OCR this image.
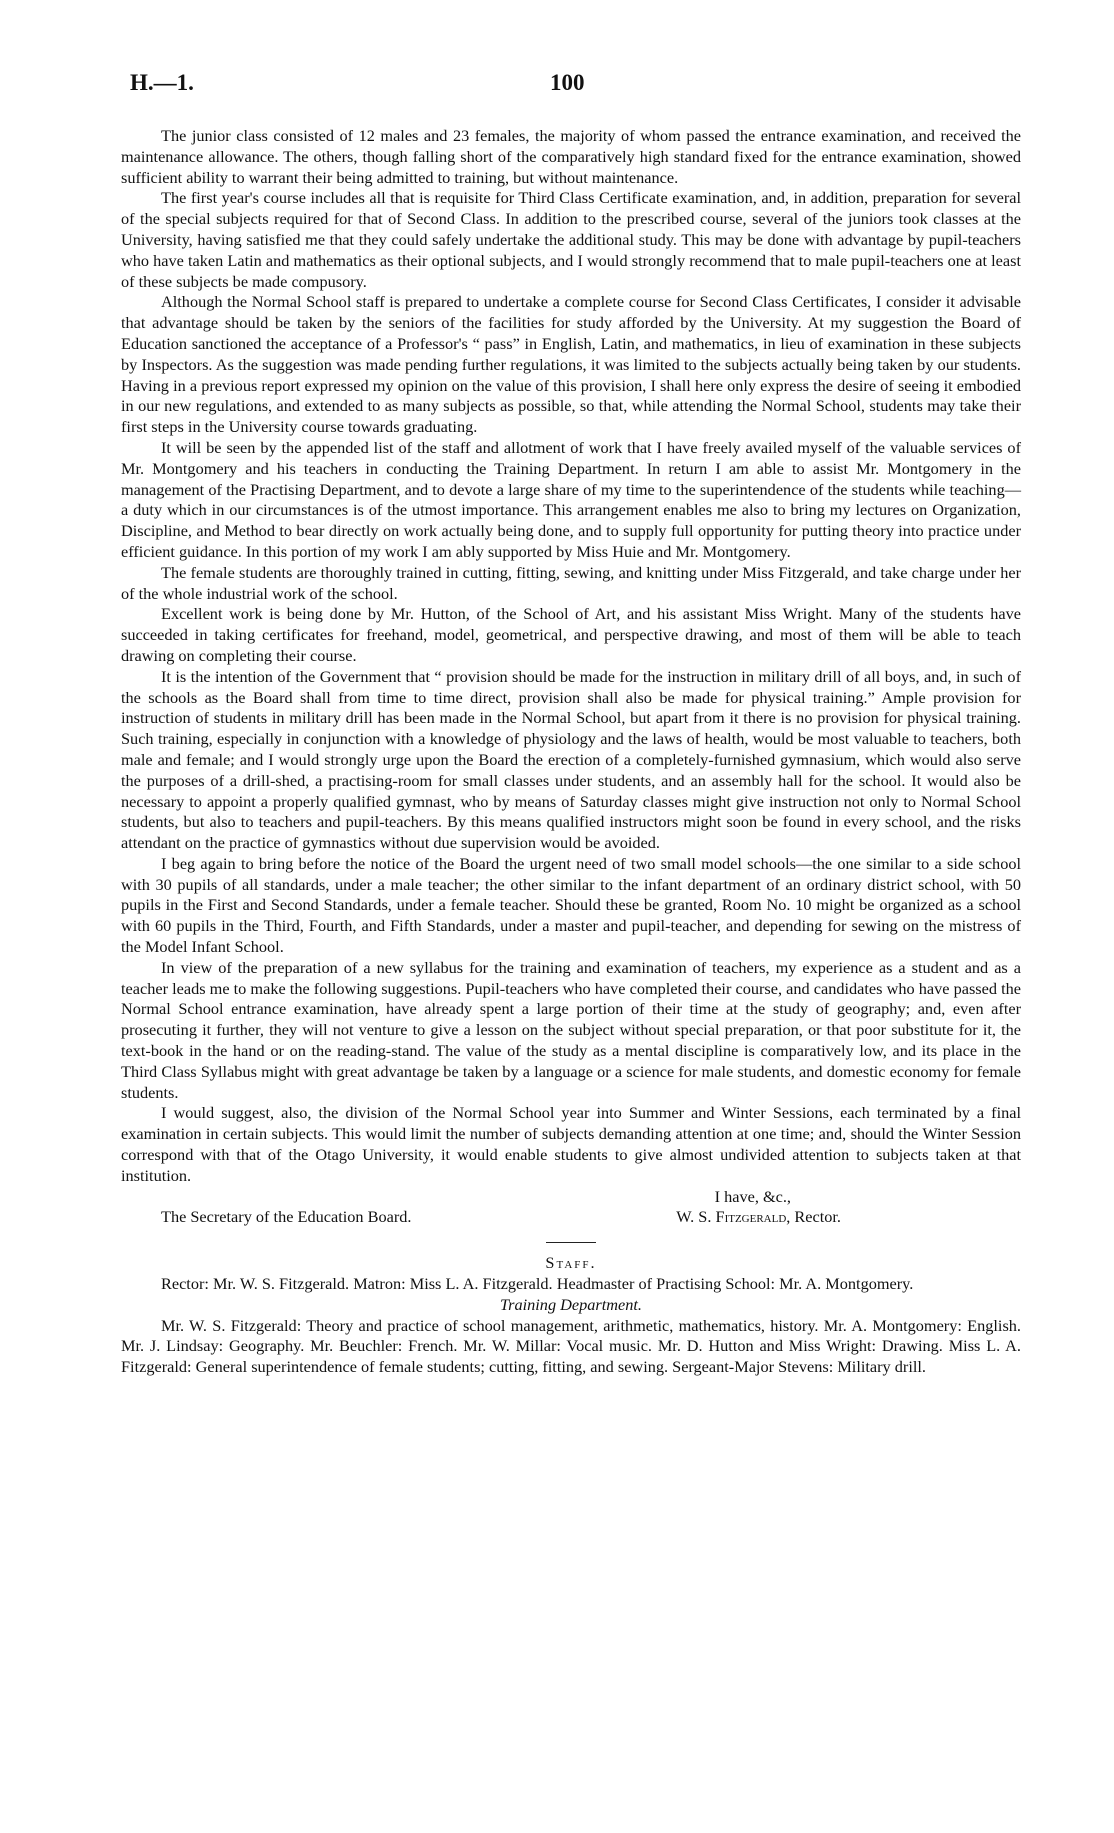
H.—1.	100

The junior class consisted of 12 males and 23 females, the majority of whom passed the entrance examination, and received the maintenance allowance. The others, though falling short of the comparatively high standard fixed for the entrance examination, showed sufficient ability to warrant their being admitted to training, but without maintenance.

The first year's course includes all that is requisite for Third Class Certificate examination, and, in addition, preparation for several of the special subjects required for that of Second Class. In addition to the prescribed course, several of the juniors took classes at the University, having satisfied me that they could safely undertake the additional study. This may be done with advantage by pupil-teachers who have taken Latin and mathematics as their optional subjects, and I would strongly recommend that to male pupil-teachers one at least of these subjects be made compusory.

Although the Normal School staff is prepared to undertake a complete course for Second Class Certificates, I consider it advisable that advantage should be taken by the seniors of the facilities for study afforded by the University. At my suggestion the Board of Education sanctioned the acceptance of a Professor's “ pass” in English, Latin, and mathematics, in lieu of examination in these subjects by Inspectors. As the suggestion was made pending further regulations, it was limited to the subjects actually being taken by our students. Having in a previous report expressed my opinion on the value of this provision, I shall here only express the desire of seeing it embodied in our new regulations, and extended to as many subjects as possible, so that, while attending the Normal School, students may take their first steps in the University course towards graduating.

It will be seen by the appended list of the staff and allotment of work that I have freely availed myself of the valuable services of Mr. Montgomery and his teachers in conducting the Training Department. In return I am able to assist Mr. Montgomery in the management of the Practising Department, and to devote a large share of my time to the superintendence of the students while teaching—a duty which in our circumstances is of the utmost importance. This arrangement enables me also to bring my lectures on Organization, Discipline, and Method to bear directly on work actually being done, and to supply full opportunity for putting theory into practice under efficient guidance. In this portion of my work I am ably supported by Miss Huie and Mr. Montgomery.

The female students are thoroughly trained in cutting, fitting, sewing, and knitting under Miss Fitzgerald, and take charge under her of the whole industrial work of the school.

Excellent work is being done by Mr. Hutton, of the School of Art, and his assistant Miss Wright. Many of the students have succeeded in taking certificates for freehand, model, geometrical, and perspective drawing, and most of them will be able to teach drawing on completing their course.

It is the intention of the Government that “ provision should be made for the instruction in military drill of all boys, and, in such of the schools as the Board shall from time to time direct, provision shall also be made for physical training.” Ample provision for instruction of students in military drill has been made in the Normal School, but apart from it there is no provision for physical training. Such training, especially in conjunction with a knowledge of physiology and the laws of health, would be most valuable to teachers, both male and female; and I would strongly urge upon the Board the erection of a completely-furnished gymnasium, which would also serve the purposes of a drill-shed, a practising-room for small classes under students, and an assembly hall for the school. It would also be necessary to appoint a properly qualified gymnast, who by means of Saturday classes might give instruction not only to Normal School students, but also to teachers and pupil-teachers. By this means qualified instructors might soon be found in every school, and the risks attendant on the practice of gymnastics without due supervision would be avoided.

I beg again to bring before the notice of the Board the urgent need of two small model schools—the one similar to a side school with 30 pupils of all standards, under a male teacher; the other similar to the infant department of an ordinary district school, with 50 pupils in the First and Second Standards, under a female teacher. Should these be granted, Room No. 10 might be organized as a school with 60 pupils in the Third, Fourth, and Fifth Standards, under a master and pupil-teacher, and depending for sewing on the mistress of the Model Infant School.

In view of the preparation of a new syllabus for the training and examination of teachers, my experience as a student and as a teacher leads me to make the following suggestions. Pupil-teachers who have completed their course, and candidates who have passed the Normal School entrance examination, have already spent a large portion of their time at the study of geography; and, even after prosecuting it further, they will not venture to give a lesson on the subject without special preparation, or that poor substitute for it, the text-book in the hand or on the reading-stand. The value of the study as a mental discipline is comparatively low, and its place in the Third Class Syllabus might with great advantage be taken by a language or a science for male students, and domestic economy for female students.

I would suggest, also, the division of the Normal School year into Summer and Winter Sessions, each terminated by a final examination in certain subjects. This would limit the number of subjects demanding attention at one time; and, should the Winter Session correspond with that of the Otago University, it would enable students to give almost undivided attention to subjects taken at that institution.

I have, &c.,
The Secretary of the Education Board.	W. S. Fitzgerald, Rector.

Staff.

Rector: Mr. W. S. Fitzgerald. Matron: Miss L. A. Fitzgerald. Headmaster of Practising School: Mr. A. Montgomery.

Training Department.

Mr. W. S. Fitzgerald: Theory and practice of school management, arithmetic, mathematics, history. Mr. A. Montgomery: English. Mr. J. Lindsay: Geography. Mr. Beuchler: French. Mr. W. Millar: Vocal music. Mr. D. Hutton and Miss Wright: Drawing. Miss L. A. Fitzgerald: General superintendence of female students; cutting, fitting, and sewing. Sergeant-Major Stevens: Military drill.
